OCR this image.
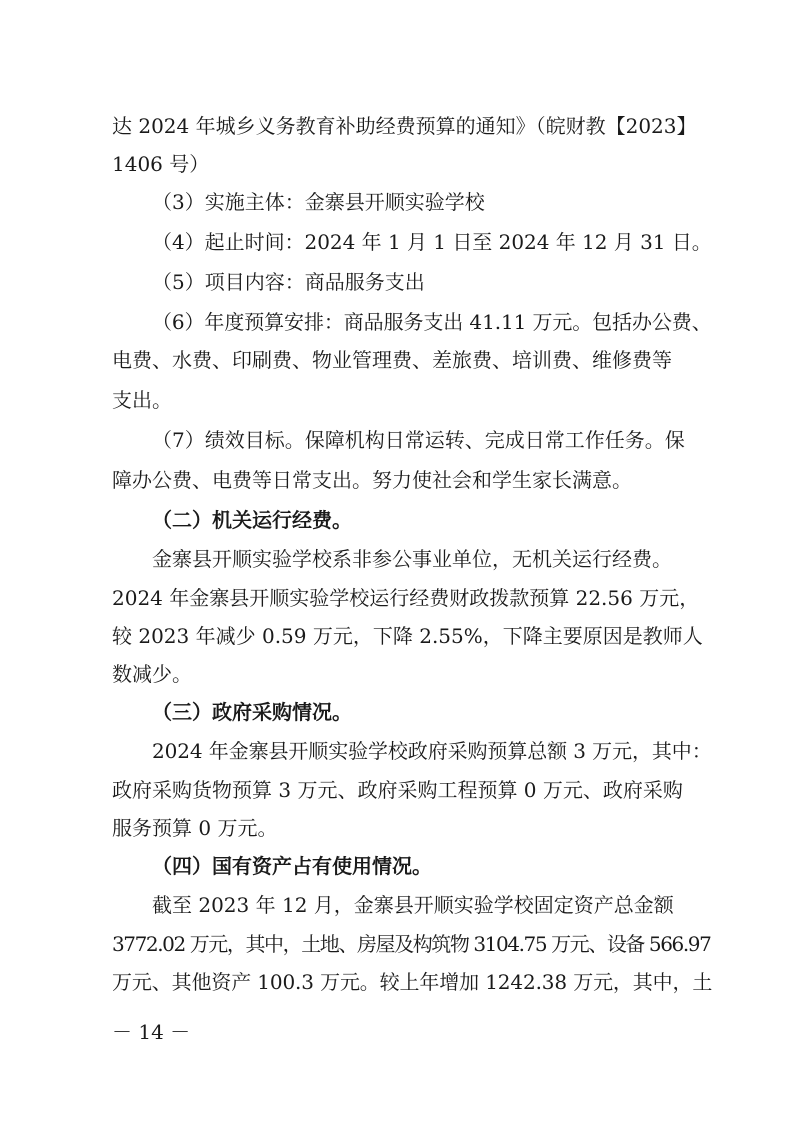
达 2024 年城乡义务教育补助经费预算的通知》（皖财教【2023】
1406 号）
（3）实施主体：金寨县开顺实验学校
（4）起止时间：2024 年 1 月 1 日至 2024 年 12 月 31 日。
（5）项目内容：商品服务支出
（6）年度预算安排：商品服务支出 41.11 万元。包括办公费、
电费、水费、印刷费、物业管理费、差旅费、培训费、维修费等
支出。
（7）绩效目标。保障机构日常运转、完成日常工作任务。保
障办公费、电费等日常支出。努力使社会和学生家长满意。
（二）机关运行经费。
金寨县开顺实验学校系非参公事业单位，无机关运行经费。
2024 年金寨县开顺实验学校运行经费财政拨款预算 22.56 万元，
较 2023 年减少 0.59 万元，下降 2.55%，下降主要原因是教师人
数减少。
（三）政府采购情况。
2024 年金寨县开顺实验学校政府采购预算总额 3 万元，其中：
政府采购货物预算 3 万元、政府采购工程预算 0 万元、政府采购
服务预算 0 万元。
（四）国有资产占有使用情况。
截至 2023 年 12 月，金寨县开顺实验学校固定资产总金额
3772.02 万元，其中，土地、房屋及构筑物 3104.75 万元、设备 566.97
万元、其他资产 100.3 万元。较上年增加 1242.38 万元，其中，土
－ 14 －
